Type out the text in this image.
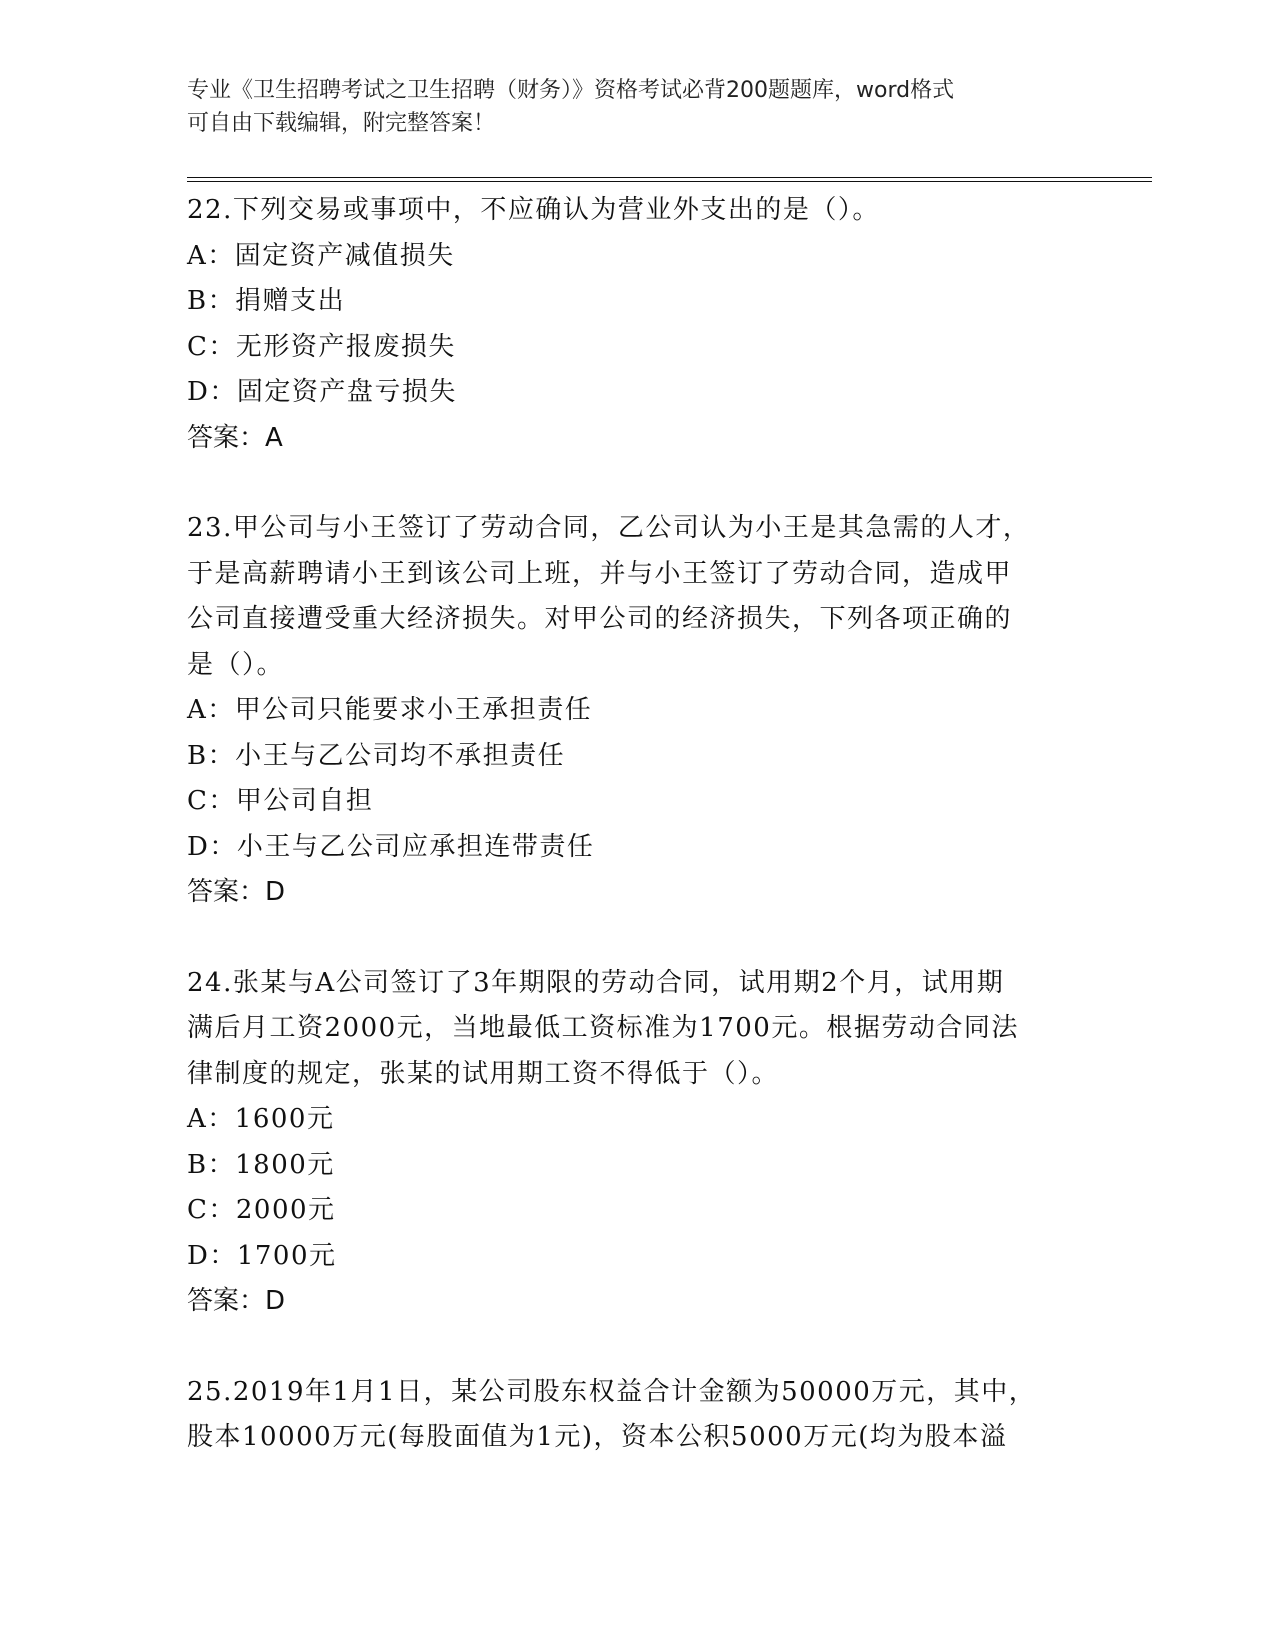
专业《卫生招聘考试之卫生招聘（财务）》资格考试必背200题题库，word格式
可自由下载编辑，附完整答案！
22.下列交易或事项中，不应确认为营业外支出的是（）。
A：固定资产减值损失
B：捐赠支出
C：无形资产报废损失
D：固定资产盘亏损失
答案：A
23.甲公司与小王签订了劳动合同，乙公司认为小王是其急需的人才，
于是高薪聘请小王到该公司上班，并与小王签订了劳动合同，造成甲
公司直接遭受重大经济损失。对甲公司的经济损失，下列各项正确的
是（）。
A：甲公司只能要求小王承担责任
B：小王与乙公司均不承担责任
C：甲公司自担
D：小王与乙公司应承担连带责任
答案：D
24.张某与A公司签订了3年期限的劳动合同，试用期2个月，试用期
满后月工资2000元，当地最低工资标准为1700元。根据劳动合同法
律制度的规定，张某的试用期工资不得低于（）。
A：1600元
B：1800元
C：2000元
D：1700元
答案：D
25.2019年1月1日，某公司股东权益合计金额为50000万元，其中，
股本10000万元(每股面值为1元)，资本公积5000万元(均为股本溢
